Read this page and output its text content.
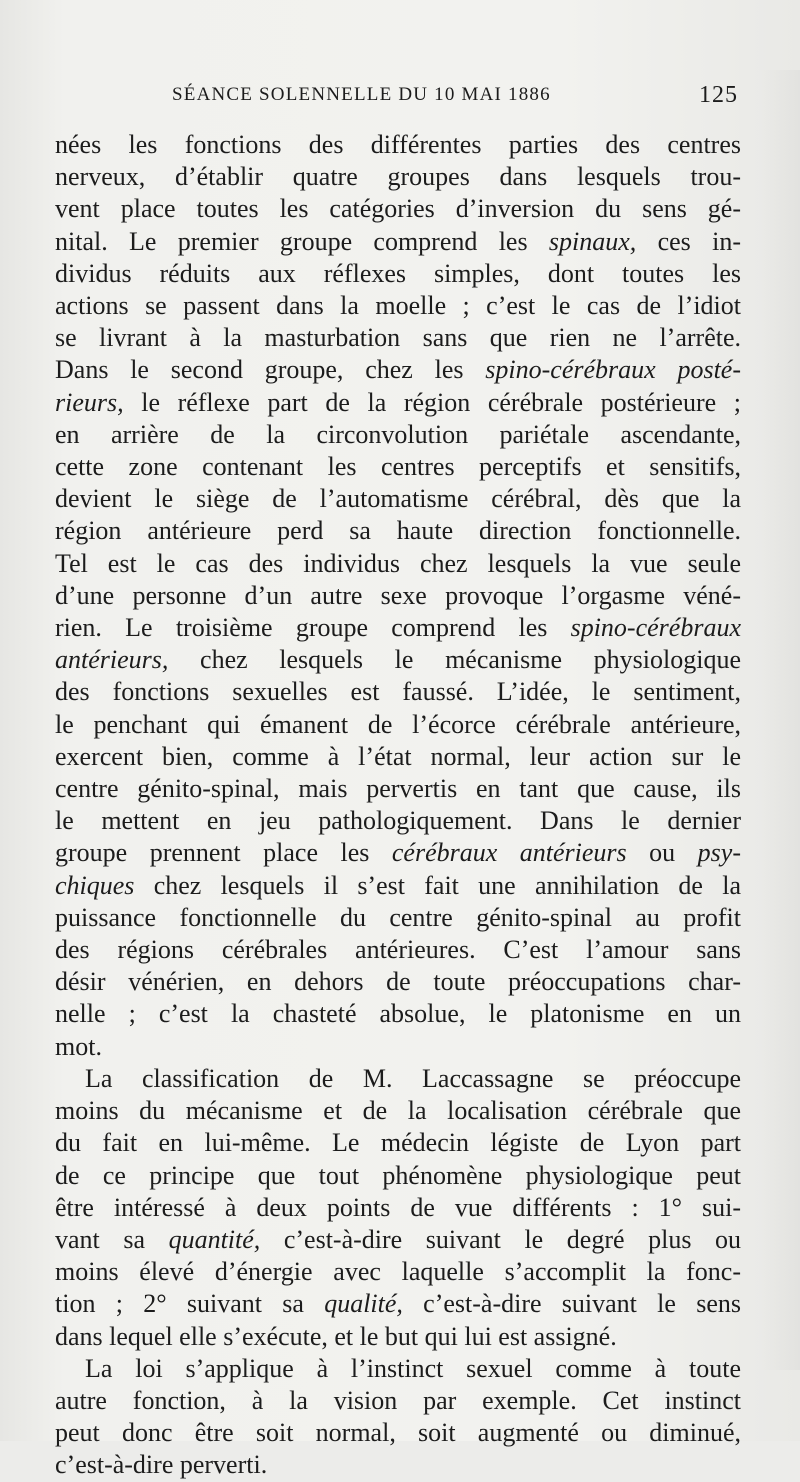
SÉANCE SOLENNELLE DU 10 MAI 1886	125
nées les fonctions des différentes parties des centres
nerveux, d’établir quatre groupes dans lesquels trou-
vent place toutes les catégories d’inversion du sens gé-
nital. Le premier groupe comprend les spinaux, ces in-
dividus réduits aux réflexes simples, dont toutes les
actions se passent dans la moelle ; c’est le cas de l’idiot
se livrant à la masturbation sans que rien ne l’arrête.
Dans le second groupe, chez les spino-cérébraux posté-
rieurs, le réflexe part de la région cérébrale postérieure ;
en arrière de la circonvolution pariétale ascendante,
cette zone contenant les centres perceptifs et sensitifs,
devient le siège de l’automatisme cérébral, dès que la
région antérieure perd sa haute direction fonctionnelle.
Tel est le cas des individus chez lesquels la vue seule
d’une personne d’un autre sexe provoque l’orgasme véné-
rien. Le troisième groupe comprend les spino-cérébraux
antérieurs, chez lesquels le mécanisme physiologique
des fonctions sexuelles est faussé. L’idée, le sentiment,
le penchant qui émanent de l’écorce cérébrale antérieure,
exercent bien, comme à l’état normal, leur action sur le
centre génito-spinal, mais pervertis en tant que cause, ils
le mettent en jeu pathologiquement. Dans le dernier
groupe prennent place les cérébraux antérieurs ou psy-
chiques chez lesquels il s’est fait une annihilation de la
puissance fonctionnelle du centre génito-spinal au profit
des régions cérébrales antérieures. C’est l’amour sans
désir vénérien, en dehors de toute préoccupations char-
nelle ; c’est la chasteté absolue, le platonisme en un
mot.
La classification de M. Laccassagne se préoccupe
moins du mécanisme et de la localisation cérébrale que
du fait en lui-même. Le médecin légiste de Lyon part
de ce principe que tout phénomène physiologique peut
être intéressé à deux points de vue différents : 1° sui-
vant sa quantité, c’est-à-dire suivant le degré plus ou
moins élevé d’énergie avec laquelle s’accomplit la fonc-
tion ; 2° suivant sa qualité, c’est-à-dire suivant le sens
dans lequel elle s’exécute, et le but qui lui est assigné.
La loi s’applique à l’instinct sexuel comme à toute
autre fonction, à la vision par exemple. Cet instinct
peut donc être soit normal, soit augmenté ou diminué,
c’est-à-dire perverti.
